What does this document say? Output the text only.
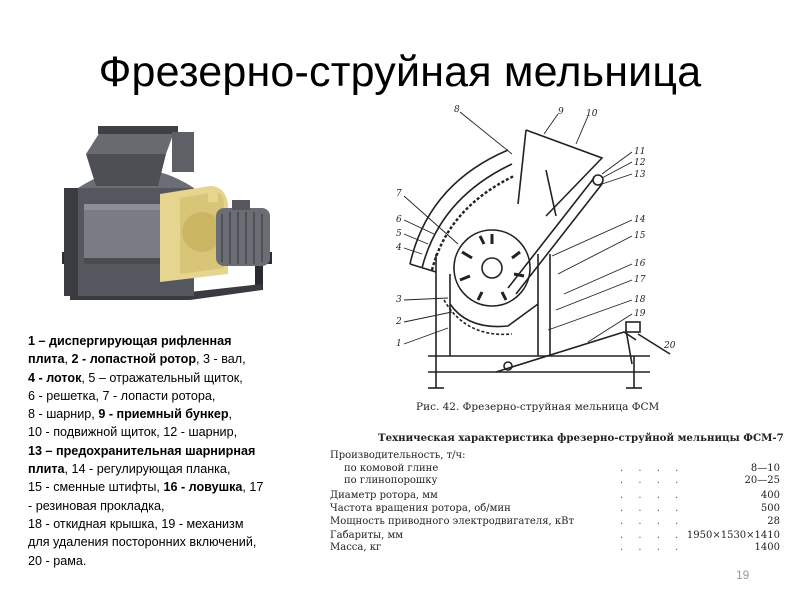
Фрезерно-струйная мельница

1 – диспергирующая рифленная

плита, 2 - лопастной ротор, 3 - вал,

4 - лоток, 5 – отражательный щиток,

6 - решетка, 7 - лопасти ротора,

8 - шарнир, 9 - приемный бункер,

10 - подвижной щиток, 12 - шарнир,

13 – предохранительная шарнирная

плита, 14 - регулирующая планка,

15 - сменные штифты, 16 - ловушка, 17

- резиновая прокладка,

18 - откидная крышка, 19 - механизм

для удаления посторонних включений,

20 - рама.

8	9 10
11
12
13
7
6
5
4
14
15
16
17
18
19
3
2
1	20
Рис. 42. Фрезерно-струйная мельница ФСМ
Техническая характеристика фрезерно-струйной мельницы ФСМ-7
Производительность, т/ч:
по комовой глине	. . . .	8—10
по глинопорошку	. . . .	20—25
Диаметр ротора, мм	. . . .	400
Частота вращения ротора, об/мин	. . . .	500
Мощность приводного электродвигателя, кВт	. . . .	28
Габариты, мм	. . . . 1950×1530×1410
Масса, кг	. . . .	1400
19
